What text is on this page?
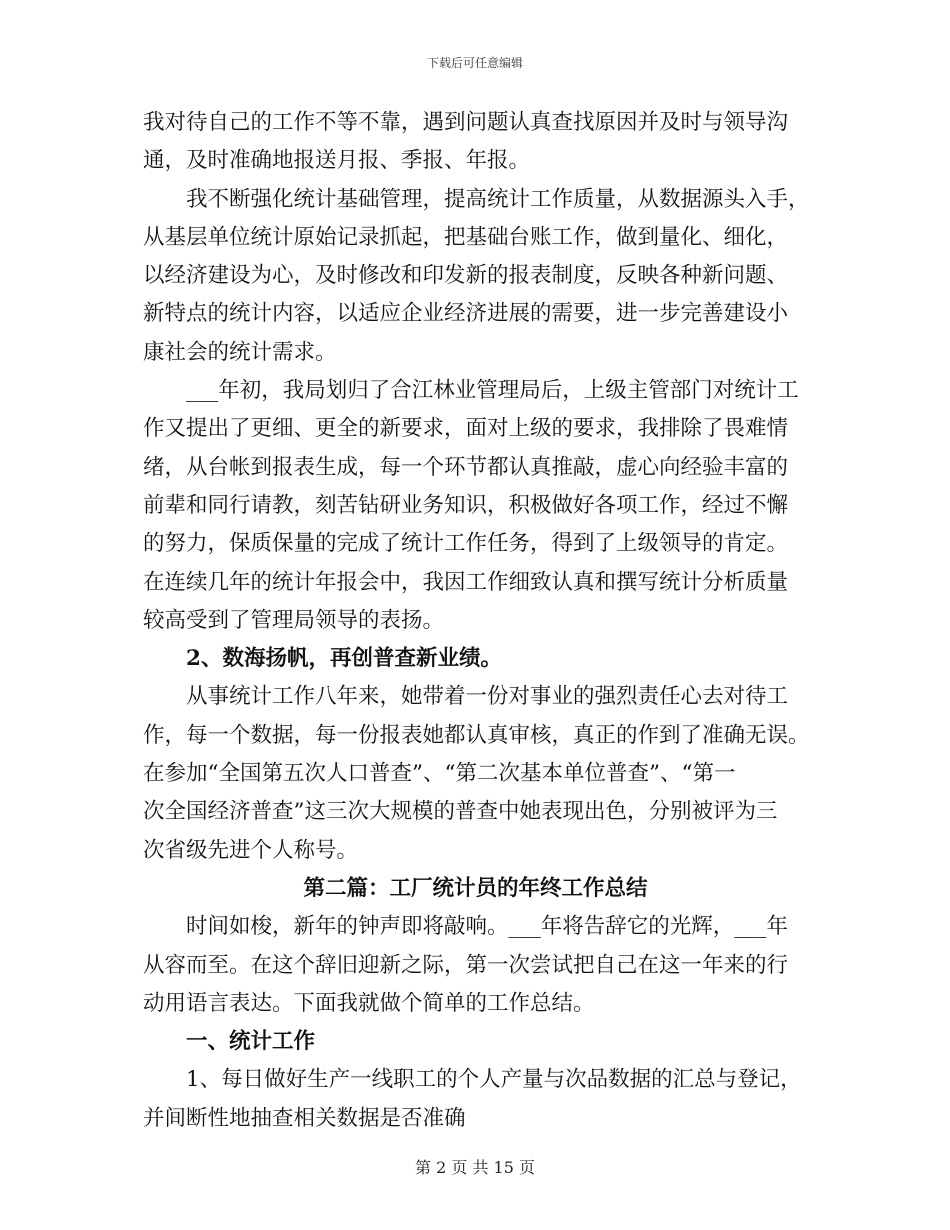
下载后可任意编辑
我对待自己的工作不等不靠，遇到问题认真查找原因并及时与领导沟
通，及时准确地报送月报、季报、年报。
我不断强化统计基础管理，提高统计工作质量，从数据源头入手，
从基层单位统计原始记录抓起，把基础台账工作，做到量化、细化，
以经济建设为心，及时修改和印发新的报表制度，反映各种新问题、
新特点的统计内容，以适应企业经济进展的需要，进一步完善建设小
康社会的统计需求。
___年初，我局划归了合江林业管理局后，上级主管部门对统计工
作又提出了更细、更全的新要求，面对上级的要求，我排除了畏难情
绪，从台帐到报表生成，每一个环节都认真推敲，虚心向经验丰富的
前辈和同行请教，刻苦钻研业务知识，积极做好各项工作，经过不懈
的努力，保质保量的完成了统计工作任务，得到了上级领导的肯定。
在连续几年的统计年报会中，我因工作细致认真和撰写统计分析质量
较高受到了管理局领导的表扬。
2、数海扬帆，再创普查新业绩。
从事统计工作八年来，她带着一份对事业的强烈责任心去对待工
作，每一个数据，每一份报表她都认真审核，真正的作到了准确无误。
在参加“全国第五次人口普查”、“第二次基本单位普查”、“第一
次全国经济普查”这三次大规模的普查中她表现出色，分别被评为三
次省级先进个人称号。
第二篇：工厂统计员的年终工作总结
时间如梭，新年的钟声即将敲响。___年将告辞它的光辉，___年
从容而至。在这个辞旧迎新之际，第一次尝试把自己在这一年来的行
动用语言表达。下面我就做个简单的工作总结。
一、统计工作
1、每日做好生产一线职工的个人产量与次品数据的汇总与登记，
并间断性地抽查相关数据是否准确
第 2 页 共 15 页
